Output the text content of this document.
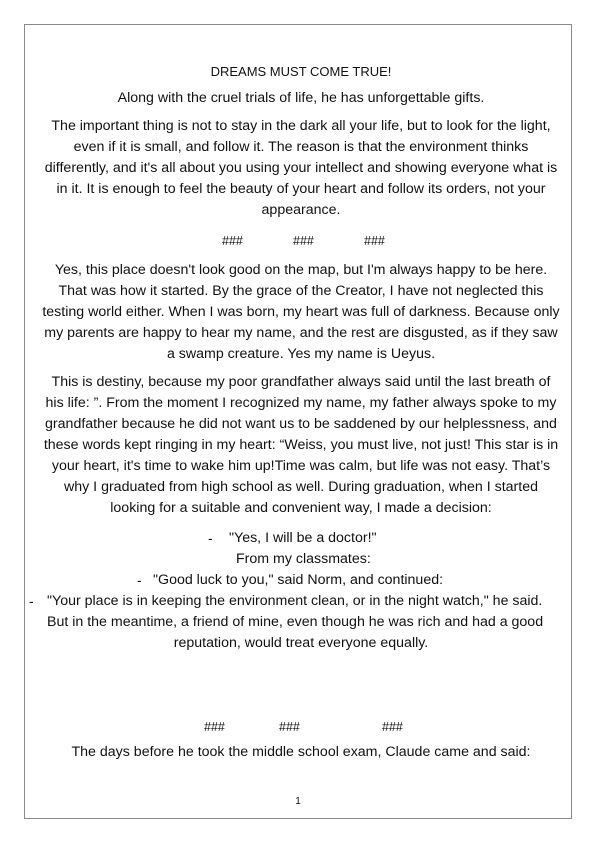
DREAMS MUST COME TRUE!
Along with the cruel trials of life, he has unforgettable gifts.
The important thing is not to stay in the dark all your life, but to look for the light,
even if it is small, and follow it. The reason is that the environment thinks
differently, and it's all about you using your intellect and showing everyone what is
in it. It is enough to feel the beauty of your heart and follow its orders, not your
appearance.
###	###	###
Yes, this place doesn't look good on the map, but I'm always happy to be here.
That was how it started. By the grace of the Creator, I have not neglected this
testing world either. When I was born, my heart was full of darkness. Because only
my parents are happy to hear my name, and the rest are disgusted, as if they saw
a swamp creature. Yes my name is Ueyus.
This is destiny, because my poor grandfather always said until the last breath of
his life: ”. From the moment I recognized my name, my father always spoke to my
grandfather because he did not want us to be saddened by our helplessness, and
these words kept ringing in my heart: “Weiss, you must live, not just! This star is in
your heart, it's time to wake him up!Time was calm, but life was not easy. That’s
why I graduated from high school as well. During graduation, when I started
looking for a suitable and convenient way, I made a decision:
- "Yes, I will be a doctor!"
From my classmates:
- "Good luck to you," said Norm, and continued:
- "Your place is in keeping the environment clean, or in the night watch," he said.
But in the meantime, a friend of mine, even though he was rich and had a good
reputation, would treat everyone equally.
###	###	###
The days before he took the middle school exam, Claude came and said:
1
